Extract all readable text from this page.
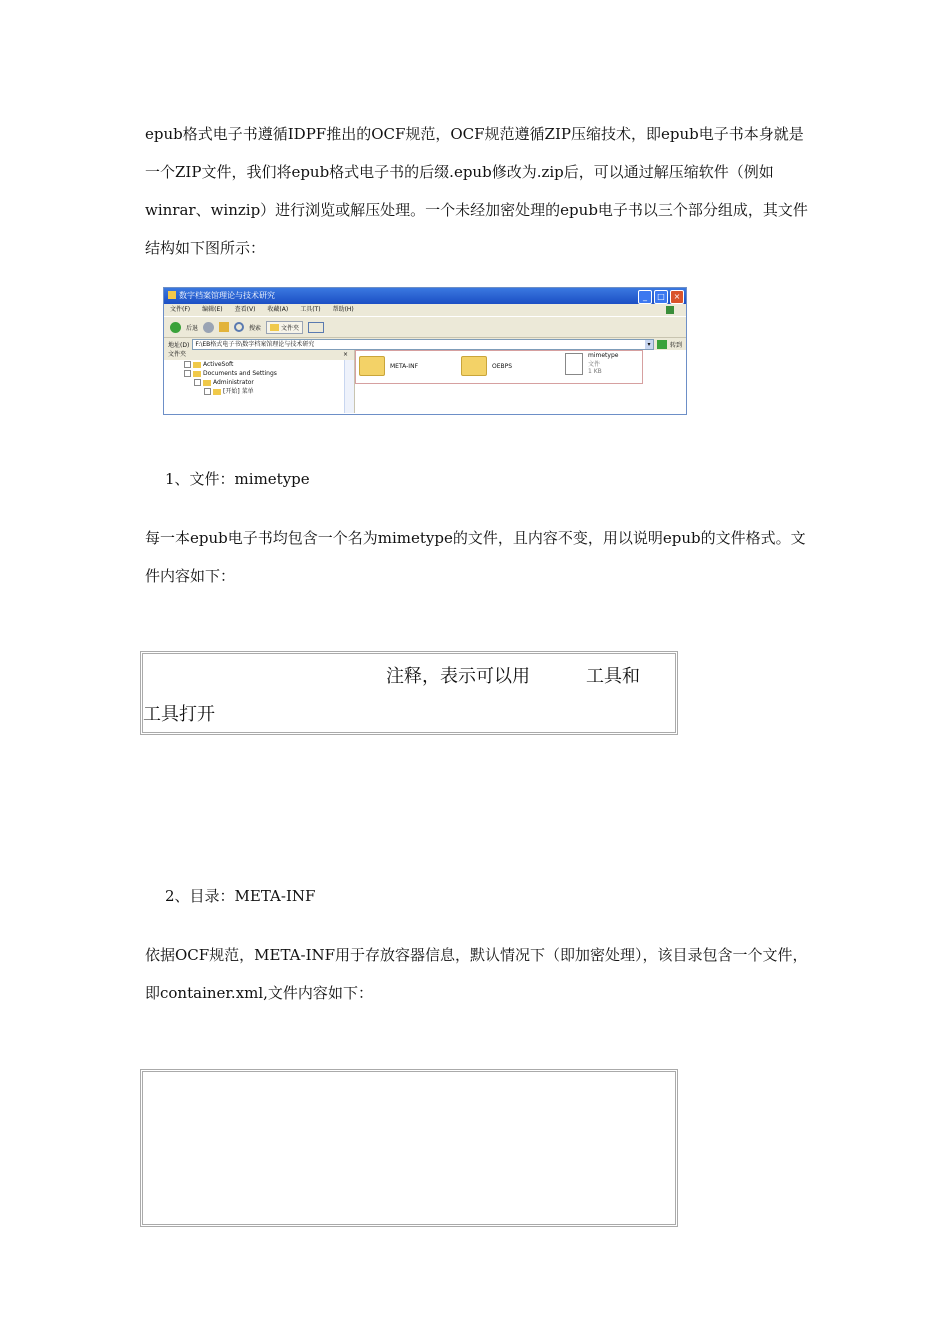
epub格式电子书遵循IDPF推出的OCF规范，OCF规范遵循ZIP压缩技术，即epub电子书本身就是一个ZIP文件，我们将epub格式电子书的后缀.epub修改为.zip后，可以通过解压缩软件（例如winrar、winzip）进行浏览或解压处理。一个未经加密处理的epub电子书以三个部分组成，其文件结构如下图所示：

数字档案馆理论与技术研究	_	□	×
文件(F) 编辑(E) 查看(V) 收藏(A) 工具(T) 帮助(H)
后退	搜索	文件夹
地址(D)	F:\EB格式电子书\数字档案馆理论与技术研究	▾	转到
文件夹	×
ActiveSoft
Documents and Settings
Administrator
[开始] 菜单
META-INF	OEBPS
mimetype
文件
1 KB

1、文件：mimetype

每一本epub电子书均包含一个名为mimetype的文件，且内容不变，用以说明epub的文件格式。文件内容如下：

注释，表示可以用	工具和
工具打开

2、目录：META-INF

依据OCF规范，META-INF用于存放容器信息，默认情况下（即加密处理），该目录包含一个文件，即container.xml,文件内容如下：
